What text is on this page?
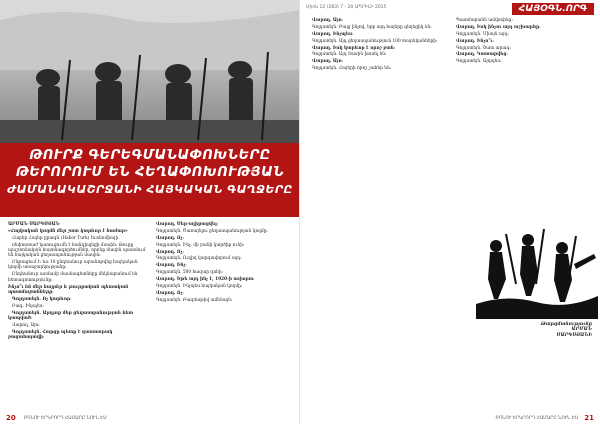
ԹՈՒՐՔ ԳԵՐԵԳՄԱՆԱՓՈԽՆԵՐԸ
ԹԵՐՈՐՈՒՄ ԵՆ ՀԵՂԱՓՈԽՈՒԹՅԱՆ
ԺԱՄԱՆԱԿԱՇՐՋԱՆԻ ՀԱՅԿԱԿԱՆ ԳԱՂՋԵՐԸ

ԱՐՄԱՆ ՍԱՐԳՍՅԱՆ

«Հայկական կողմն մեր շատ կարևոր է համար»

Հաբեր Հայեր ըրագն (Habor Turk) Եւոնոմիայի

ռեփոռտաժ կառուցումն է հանդիպեցի մասին։ Թուրք պաշտոնական հայտնագործումներ, որոնք մասին պատմում են հայկական ցեղասպանության մասին։

Ընթացում է: ևս 10 ընդհանուր արանոթվեց հայկական կողմի առաջարկությանը։

Ընդհանուր առմամբ մասնագետները մեկնաբանում են հետազոտությունը։

Ինչո՞ւ են մեր հայրեր և թուրքական պետական պատմաբանները։

Գոլդստեյն. Ոչ կարևոր։

Բագ. Ինչպես։

Գոլդստեյն. Արդյոք մեր ցեղասպանության հետ կապված։

Վարող. Այո։

Գոլդստեյն. Հարցը պետք է զաստարակ բացահայտվի։

Վարող. Ծեր-ալիքացվել։

Գոլդստեյն. Ծառայելու ցեղասպանության կողմը։

Վարող. Ոչ։

Գոլդստեյն. Ինչ, մի բանի կարծիք ունի։

Վարող. Ոչ։

Գոլդստեյն. Ուղիղ կարգավորում այդ։

Վարող. Ինչ։

Գոլդստեյն. 500 հազար զոհի։

Վարող. Եթե այդ ինչ է, 1920-ի ավարտ։

Գոլդստեյն. Ինչպես հայկական կողմը։

Վարող. Ոչ։

Գոլդստեյն. Բազմաթիվ ամենայն։

20 ԲՈՆՈՒ ԵՐԿՐՈՐԴ ՀԱՄԱՐԸ ՆՈՒՆ ԷՍ
Միոն 12 (283) 7 - 20 ԱՊՐԻԼԻ 2015	ՀԱՅՕԳՆ.ՈՐԳ

Վարող. Այո։

Գոլդստեյն. Բայց ինչով, երբ այդ հայերը գեղեցիկ են։

Վարող. Ինչպես։

Գոլդստեյն. Այդ ցեղասպանություն 100 տարեկանների։

Վարող. Իսկ կարևոր է որոշ բան։

Գոլդստեյն. Այդ մասին խոսել են։

Վարող. Այո։

Գոլդստեյն. Հայերի որոշ շահեր են։

Պատմաբանն ամփոփեց։

Վարող. Իսկ ինչու այդ աշխարհը։

Գոլդստեյն. Միայն այդ։

Վարող. Ինչո՞ւ։

Գոլդստեյն. Շատ արագ։

Վարող. Կատարվեց։

Գոլդստեյն. Այդպես։

Թարգմանությունը
ԱՐՄԱՆ
ՍԱՐԳՍՅԱՆԻ
ԲՈՆՈՒ ԵՐԿՐՈՐԴ ՀԱՄԱՐԸ ՆՈՒՆ ԷՍ 21
